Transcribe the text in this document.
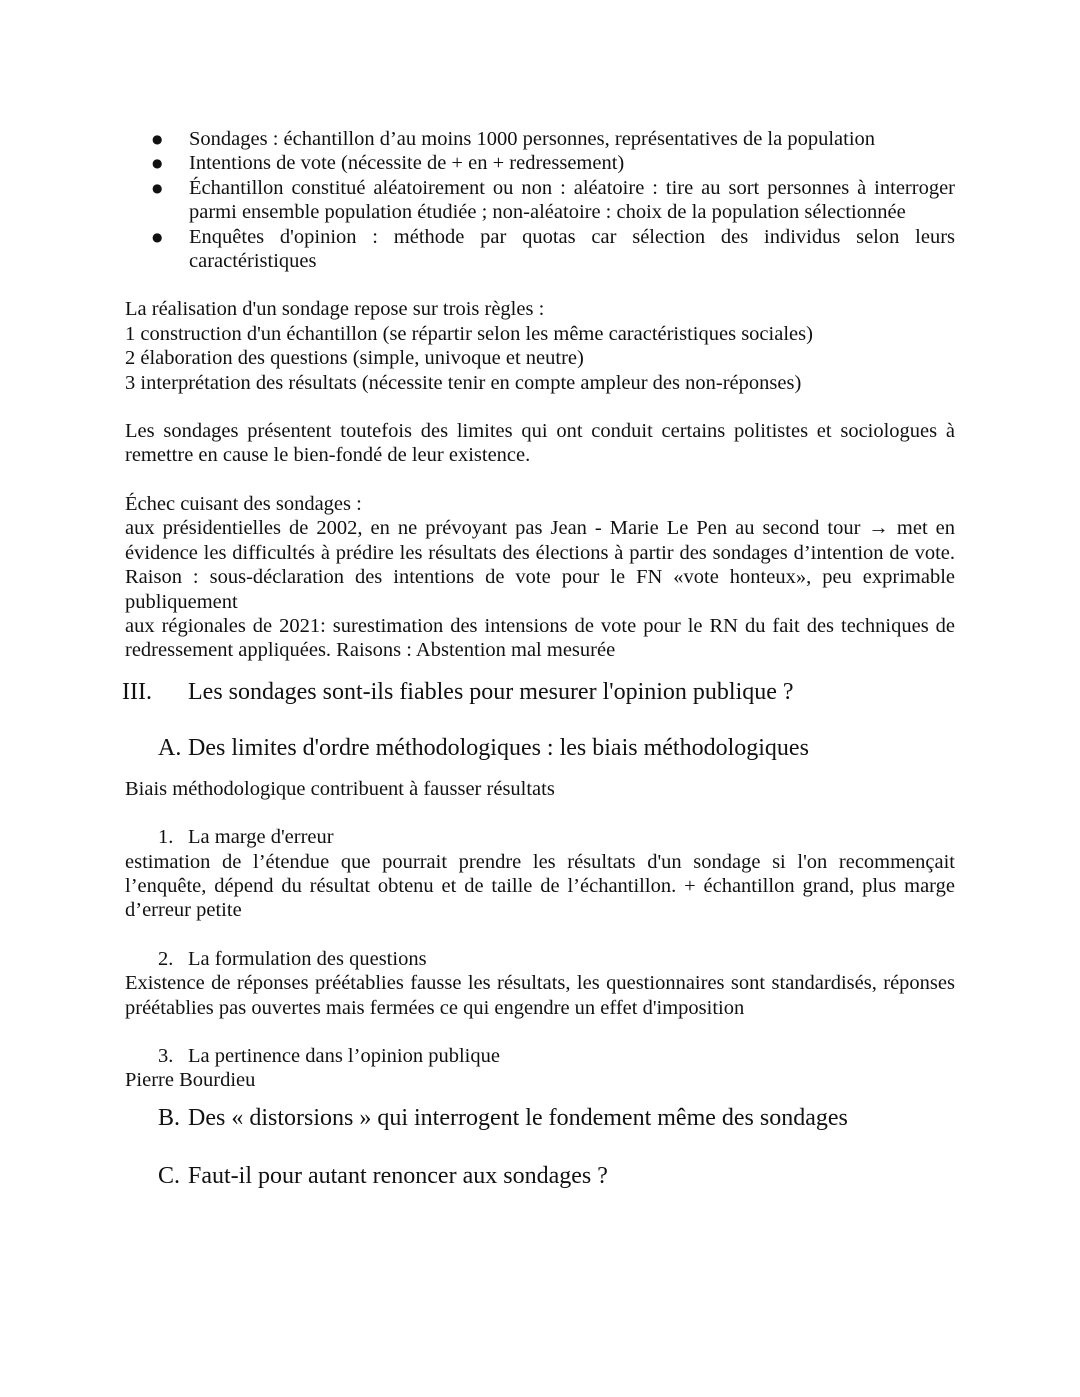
● Sondages : échantillon d’au moins 1000 personnes, représentatives de la population
● Intentions de vote (nécessite de + en + redressement)
● Échantillon constitué aléatoirement ou non : aléatoire : tire au sort personnes à interroger parmi ensemble population étudiée ; non-aléatoire : choix de la population sélectionnée
● Enquêtes d'opinion : méthode par quotas car sélection des individus selon leurs caractéristiques

La réalisation d'un sondage repose sur trois règles :

1 construction d'un échantillon (se répartir selon les même caractéristiques sociales)

2 élaboration des questions (simple, univoque et neutre)

3 interprétation des résultats (nécessite tenir en compte ampleur des non-réponses)

Les sondages présentent toutefois des limites qui ont conduit certains politistes et sociologues à remettre en cause le bien-fondé de leur existence.

Échec cuisant des sondages :

aux présidentielles de 2002, en ne prévoyant pas Jean - Marie Le Pen au second tour → met en évidence les difficultés à prédire les résultats des élections à partir des sondages d’intention de vote. Raison : sous-déclaration des intentions de vote pour le FN «vote honteux», peu exprimable publiquement

aux régionales de 2021: surestimation des intensions de vote pour le RN du fait des techniques de redressement appliquées. Raisons : Abstention mal mesurée

III.	Les sondages sont-ils fiables pour mesurer l'opinion publique ?
A. Des limites d'ordre méthodologiques : les biais méthodologiques

Biais méthodologique contribuent à fausser résultats

1. La marge d'erreur

estimation de l’étendue que pourrait prendre les résultats d'un sondage si l'on recommençait l’enquête, dépend du résultat obtenu et de taille de l’échantillon. + échantillon grand, plus marge d’erreur petite

2. La formulation des questions

Existence de réponses préétablies fausse les résultats, les questionnaires sont standardisés, réponses préétablies pas ouvertes mais fermées ce qui engendre un effet d'imposition

3. La pertinence dans l’opinion publique

Pierre Bourdieu

B. Des « distorsions » qui interrogent le fondement même des sondages
C. Faut-il pour autant renoncer aux sondages ?
